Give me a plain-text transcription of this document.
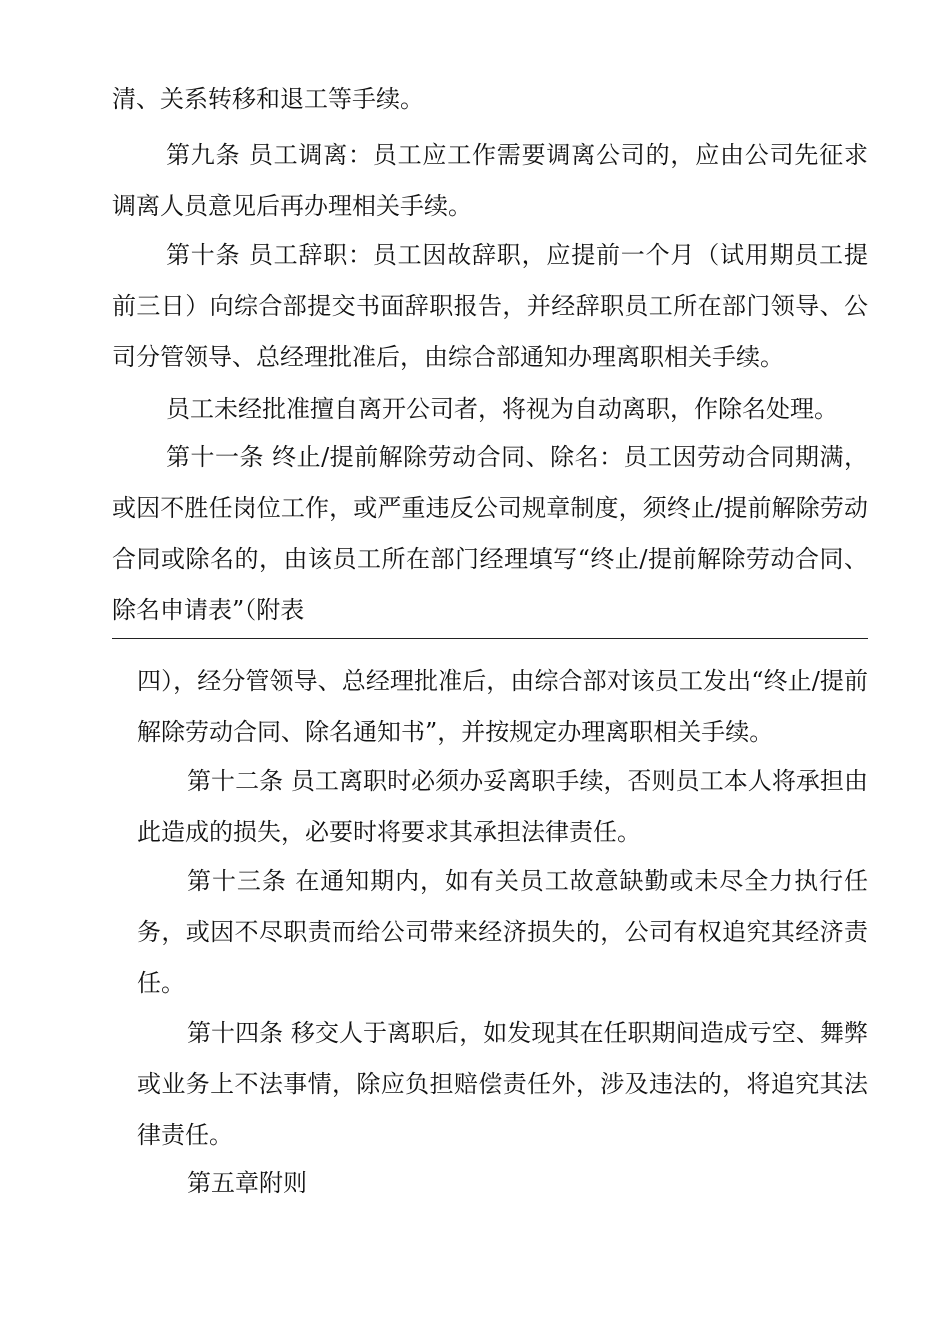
清、关系转移和退工等手续。

第九条 员工调离：员工应工作需要调离公司的，应由公司先征求调离人员意见后再办理相关手续。

第十条 员工辞职：员工因故辞职，应提前一个月（试用期员工提前三日）向综合部提交书面辞职报告，并经辞职员工所在部门领导、公司分管领导、总经理批准后，由综合部通知办理离职相关手续。

员工未经批准擅自离开公司者，将视为自动离职，作除名处理。

第十一条 终止/提前解除劳动合同、除名：员工因劳动合同期满，或因不胜任岗位工作，或严重违反公司规章制度，须终止/提前解除劳动合同或除名的，由该员工所在部门经理填写“终止/提前解除劳动合同、除名申请表”（附表

四），经分管领导、总经理批准后，由综合部对该员工发出“终止/提前解除劳动合同、除名通知书”，并按规定办理离职相关手续。

第十二条 员工离职时必须办妥离职手续，否则员工本人将承担由此造成的损失，必要时将要求其承担法律责任。

第十三条 在通知期内，如有关员工故意缺勤或未尽全力执行任务，或因不尽职责而给公司带来经济损失的，公司有权追究其经济责任。

第十四条 移交人于离职后，如发现其在任职期间造成亏空、舞弊或业务上不法事情，除应负担赔偿责任外，涉及违法的，将追究其法律责任。

第五章附则
